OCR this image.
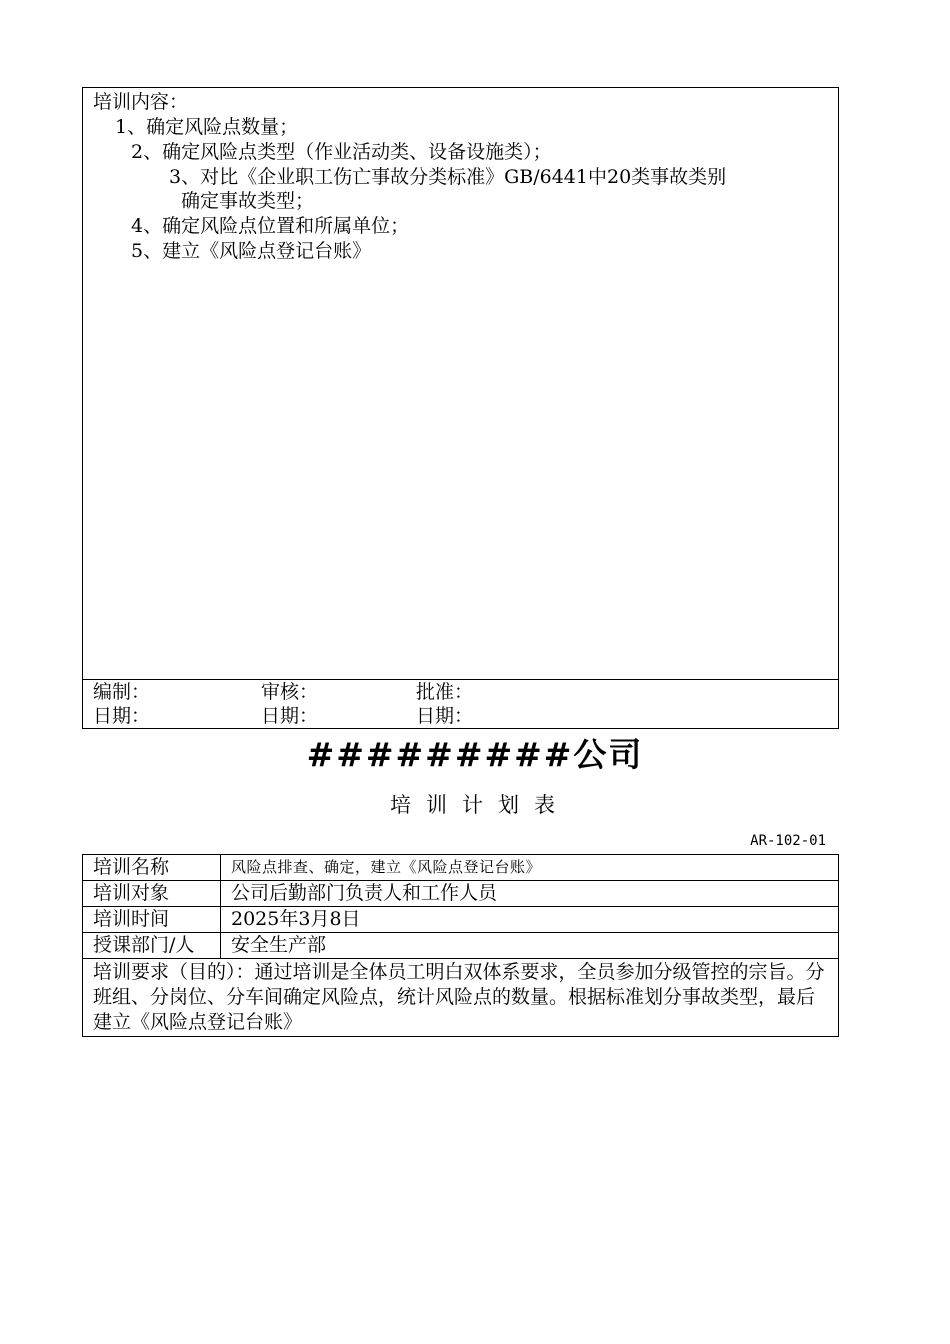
培训内容：
1、确定风险点数量；
2、确定风险点类型（作业活动类、设备设施类）；
3、对比《企业职工伤亡事故分类标准》GB/6441中20类事故类别
确定事故类型；
4、确定风险点位置和所属单位；
5、建立《风险点登记台账》
编制：	审核：	批准：
日期：	日期：	日期：
#########公司
培训计划表
AR-102-01
培训名称	风险点排查、确定，建立《风险点登记台账》
培训对象	公司后勤部门负责人和工作人员
培训时间	2025年3月8日
授课部门/人	安全生产部
培训要求（目的）：通过培训是全体员工明白双体系要求，全员参加分级管控的宗旨。分班组、分岗位、分车间确定风险点，统计风险点的数量。根据标准划分事故类型，最后建立《风险点登记台账》	
